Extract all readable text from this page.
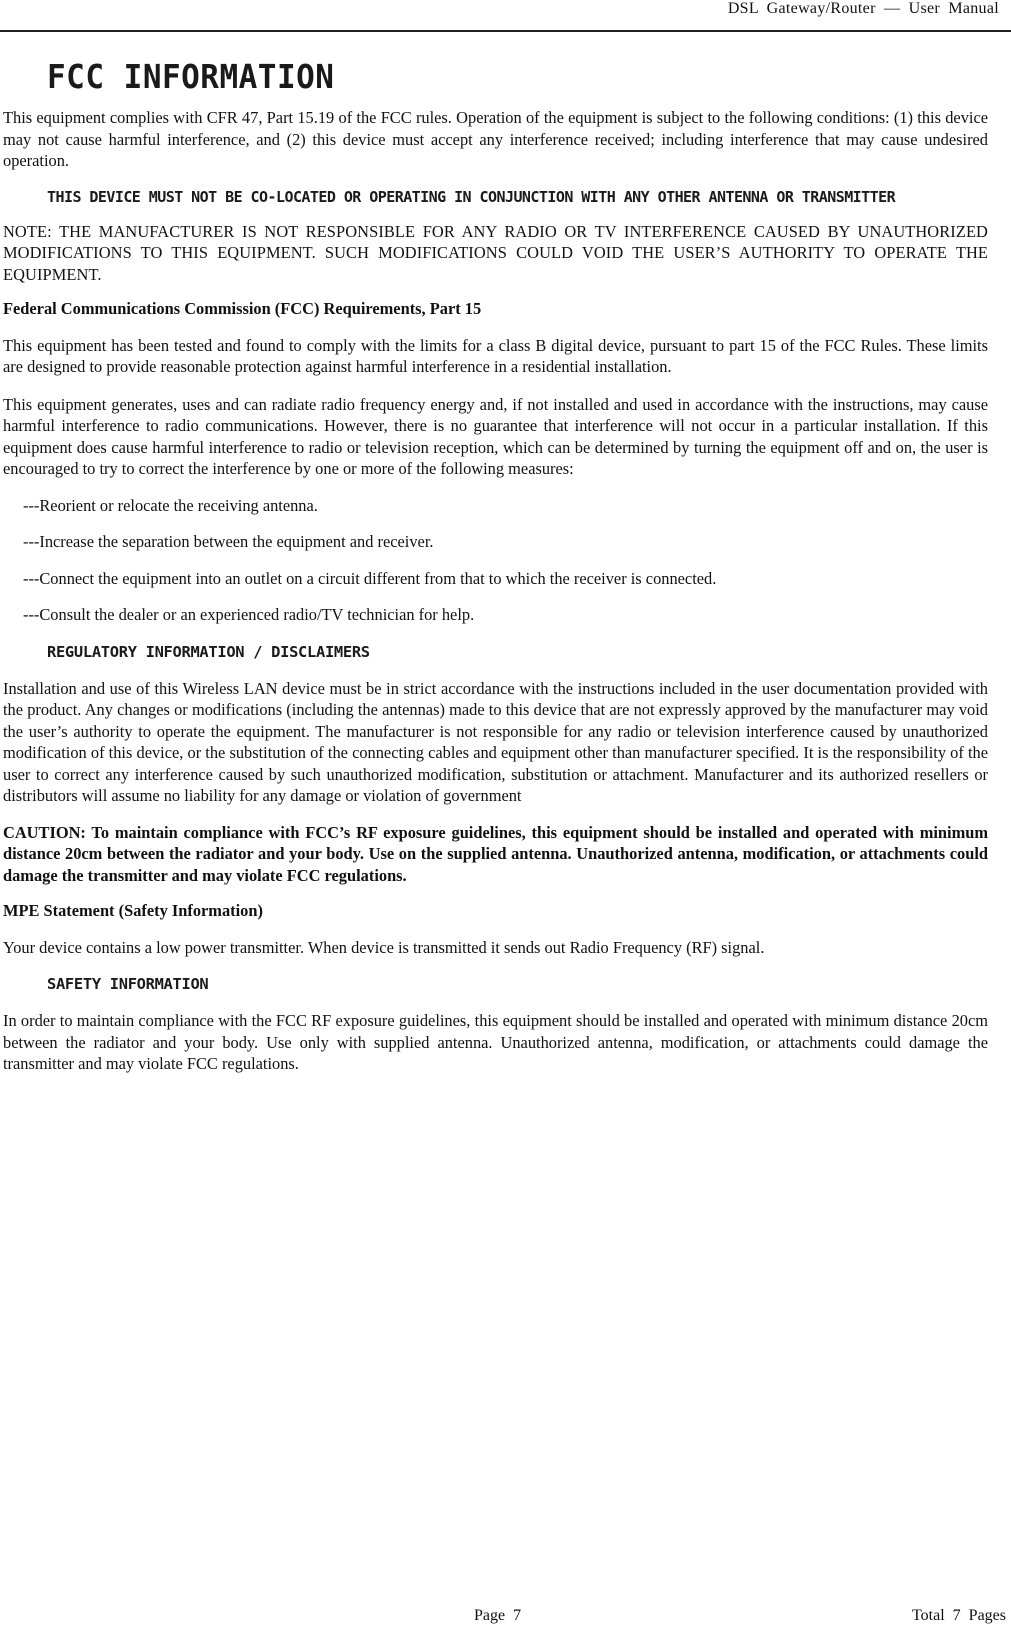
DSL Gateway/Router — User Manual
FCC INFORMATION

This equipment complies with CFR 47, Part 15.19 of the FCC rules. Operation of the equipment is subject to the following conditions: (1) this device may not cause harmful interference, and (2) this device must accept any interference received; including interference that may cause undesired operation.

THIS DEVICE MUST NOT BE CO-LOCATED OR OPERATING IN CONJUNCTION WITH ANY OTHER ANTENNA OR TRANSMITTER

NOTE: THE MANUFACTURER IS NOT RESPONSIBLE FOR ANY RADIO OR TV INTERFERENCE CAUSED BY UNAUTHORIZED MODIFICATIONS TO THIS EQUIPMENT. SUCH MODIFICATIONS COULD VOID THE USER’S AUTHORITY TO OPERATE THE EQUIPMENT.

Federal Communications Commission (FCC) Requirements, Part 15

This equipment has been tested and found to comply with the limits for a class B digital device, pursuant to part 15 of the FCC Rules. These limits are designed to provide reasonable protection against harmful interference in a residential installation.

This equipment generates, uses and can radiate radio frequency energy and, if not installed and used in accordance with the instructions, may cause harmful interference to radio communications. However, there is no guarantee that interference will not occur in a particular installation. If this equipment does cause harmful interference to radio or television reception, which can be determined by turning the equipment off and on, the user is encouraged to try to correct the interference by one or more of the following measures:

---Reorient or relocate the receiving antenna.

---Increase the separation between the equipment and receiver.

---Connect the equipment into an outlet on a circuit different from that to which the receiver is connected.

---Consult the dealer or an experienced radio/TV technician for help.

REGULATORY INFORMATION / DISCLAIMERS

Installation and use of this Wireless LAN device must be in strict accordance with the instructions included in the user documentation provided with the product. Any changes or modifications (including the antennas) made to this device that are not expressly approved by the manufacturer may void the user’s authority to operate the equipment. The manufacturer is not responsible for any radio or television interference caused by unauthorized modification of this device, or the substitution of the connecting cables and equipment other than manufacturer specified. It is the responsibility of the user to correct any interference caused by such unauthorized modification, substitution or attachment. Manufacturer and its authorized resellers or distributors will assume no liability for any damage or violation of government

CAUTION: To maintain compliance with FCC’s RF exposure guidelines, this equipment should be installed and operated with minimum distance 20cm between the radiator and your body. Use on the supplied antenna. Unauthorized antenna, modification, or attachments could damage the transmitter and may violate FCC regulations.

MPE Statement (Safety Information)

Your device contains a low power transmitter. When device is transmitted it sends out Radio Frequency (RF) signal.

SAFETY INFORMATION

In order to maintain compliance with the FCC RF exposure guidelines, this equipment should be installed and operated with minimum distance 20cm between the radiator and your body. Use only with supplied antenna. Unauthorized antenna, modification, or attachments could damage the transmitter and may violate FCC regulations.

Page 7	Total 7 Pages
